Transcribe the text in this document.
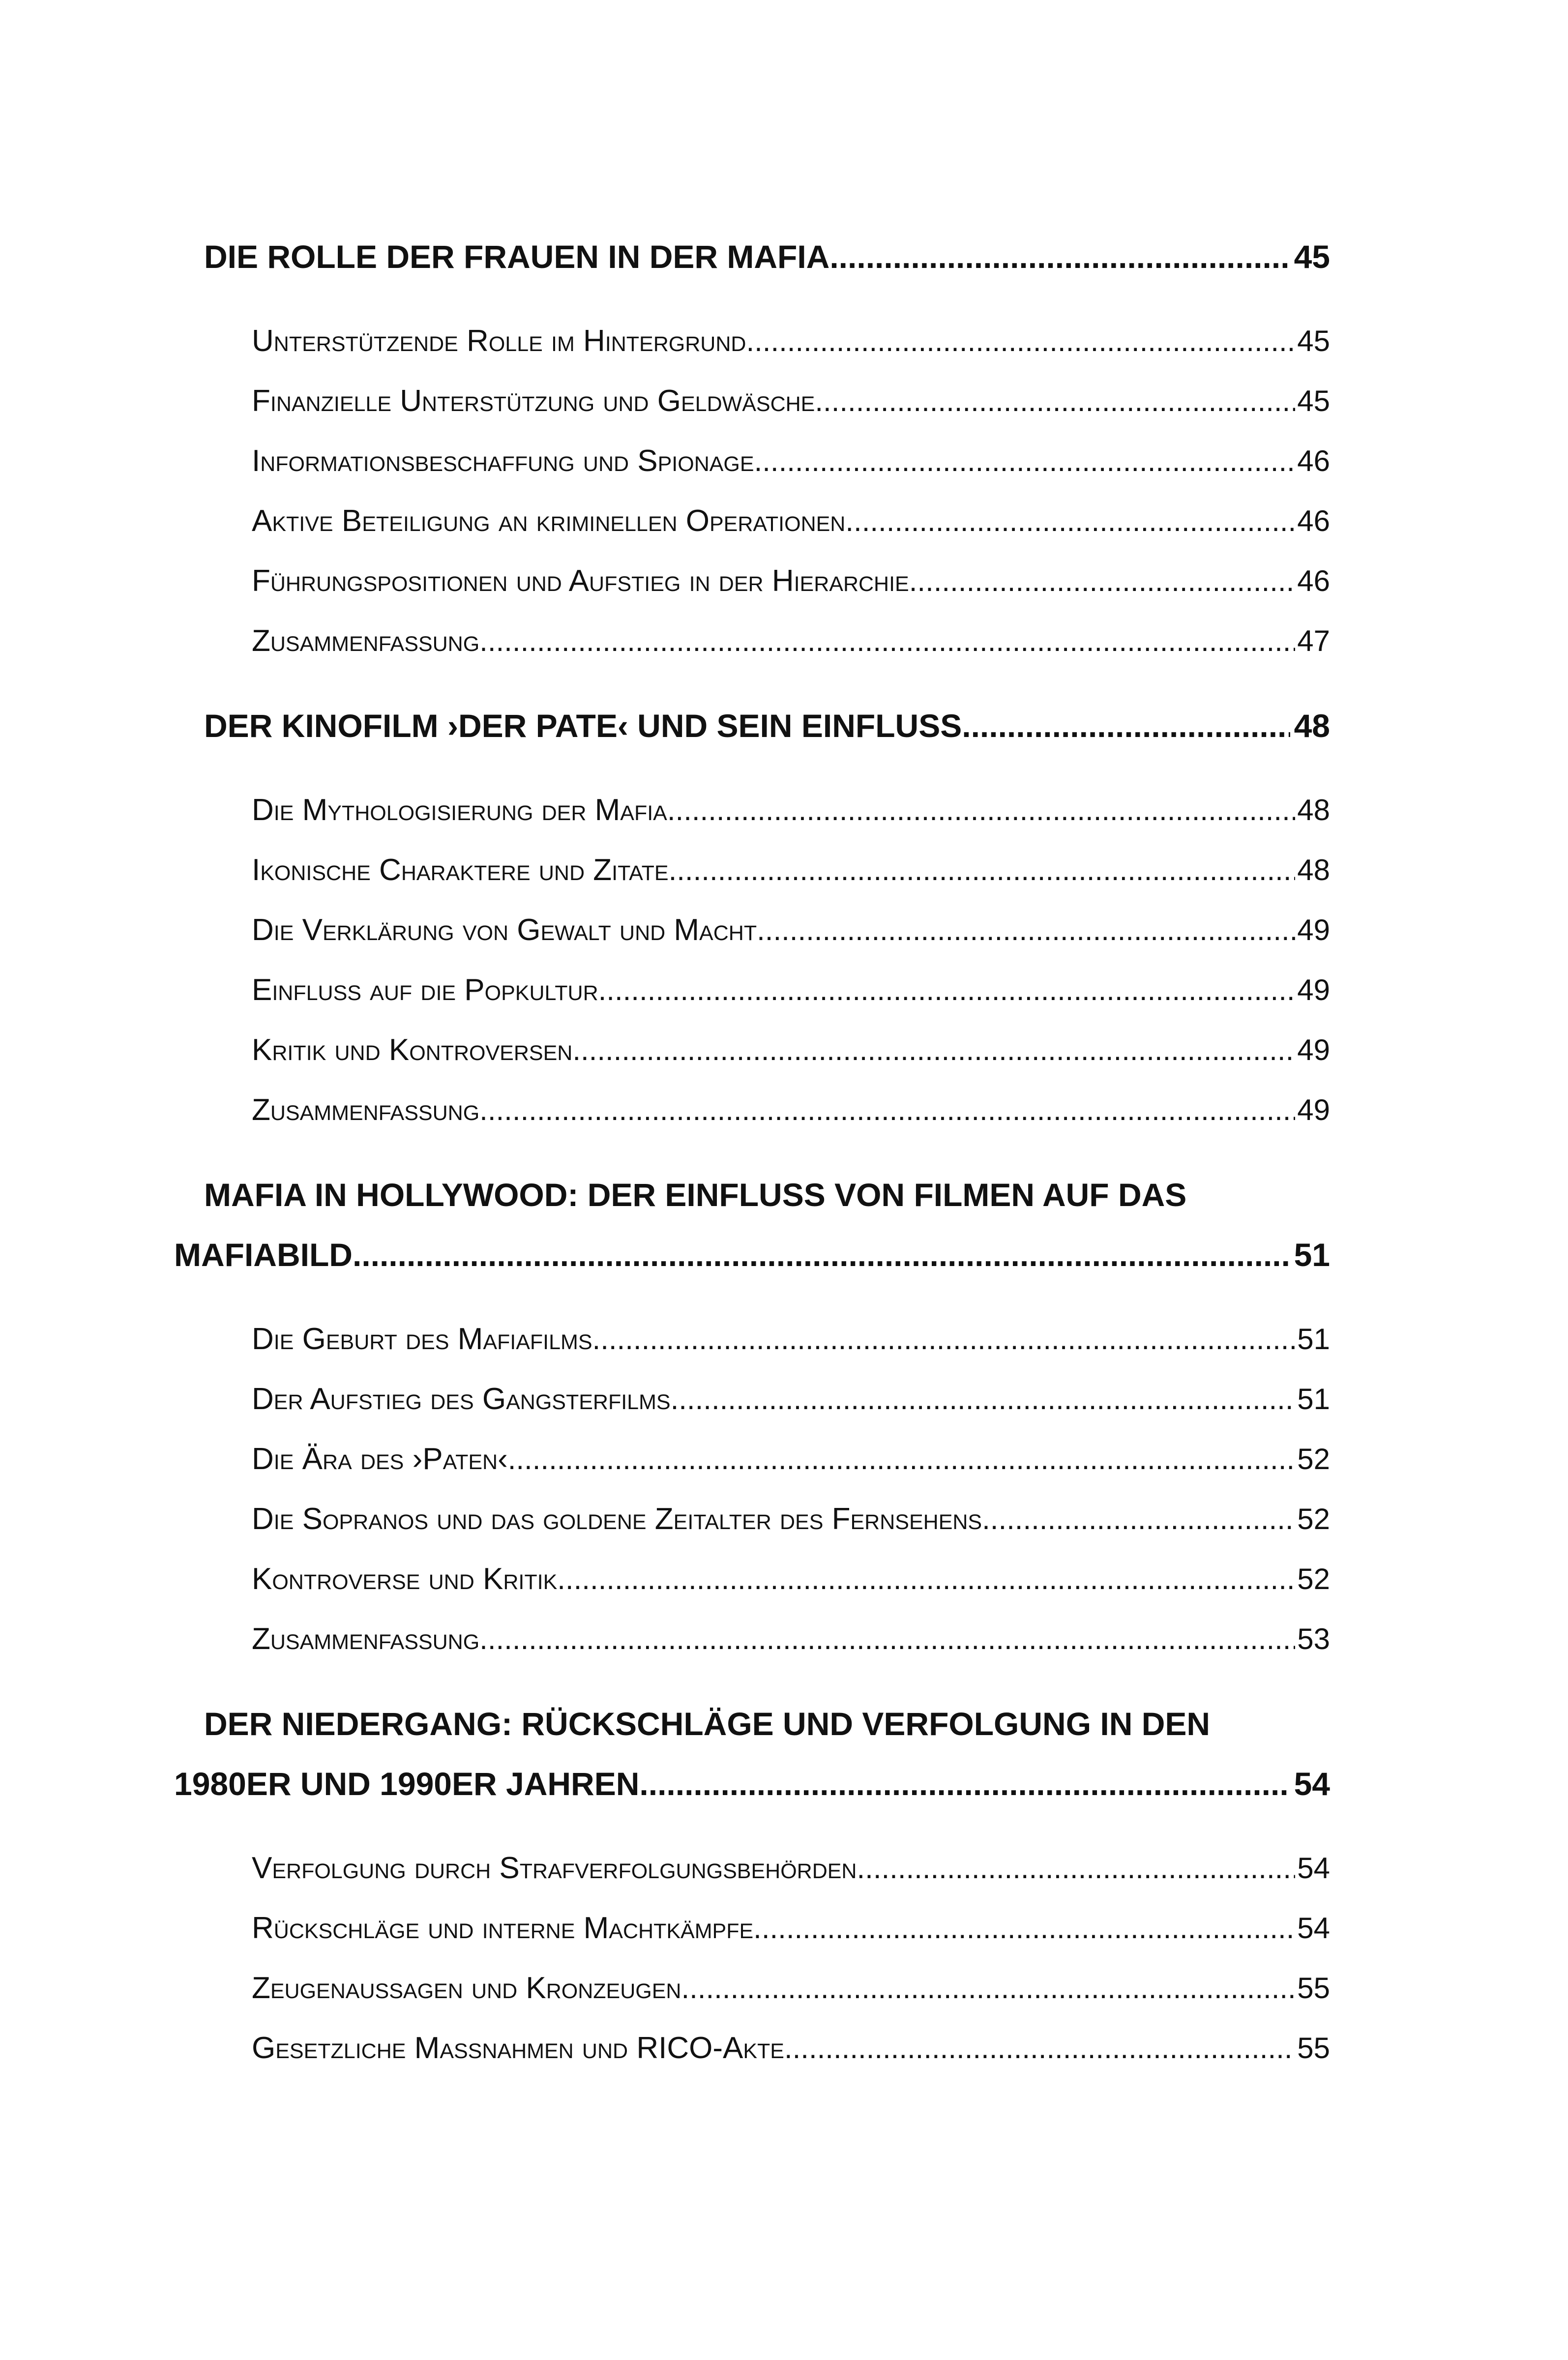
DIE ROLLE DER FRAUEN IN DER MAFIA .....	45
Unterstützende Rolle im Hintergrund .....	45
Finanzielle Unterstützung und Geldwäsche .....	45
Informationsbeschaffung und Spionage .....	46
Aktive Beteiligung an kriminellen Operationen .....	46
Führungspositionen und Aufstieg in der Hierarchie .....	46
Zusammenfassung .....	47
DER KINOFILM ›DER PATE‹ UND SEIN EINFLUSS .....	48
Die Mythologisierung der Mafia .....	48
Ikonische Charaktere und Zitate .....	48
Die Verklärung von Gewalt und Macht .....	49
Einfluss auf die Popkultur .....	49
Kritik und Kontroversen .....	49
Zusammenfassung .....	49
MAFIA IN HOLLYWOOD: DER EINFLUSS VON FILMEN AUF DAS
MAFIABILD .....	51
Die Geburt des Mafiafilms .....	51
Der Aufstieg des Gangsterfilms .....	51
Die Ära des ›Paten‹ .....	52
Die Sopranos und das goldene Zeitalter des Fernsehens .....	52
Kontroverse und Kritik .....	52
Zusammenfassung .....	53
DER NIEDERGANG: RÜCKSCHLÄGE UND VERFOLGUNG IN DEN
1980ER UND 1990ER JAHREN .....	54
Verfolgung durch Strafverfolgungsbehörden .....	54
Rückschläge und interne Machtkämpfe .....	54
Zeugenaussagen und Kronzeugen .....	55
Gesetzliche Maßnahmen und RICO-Akte .....	55
